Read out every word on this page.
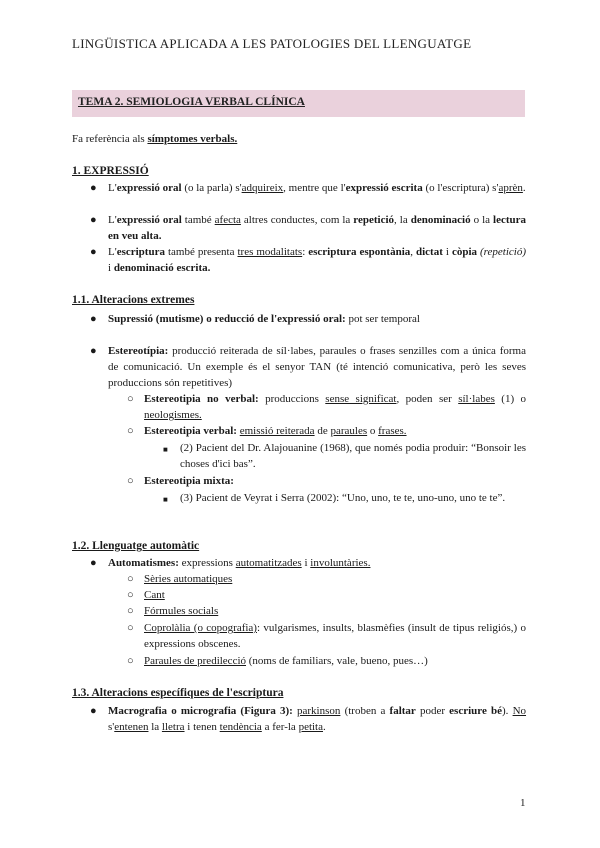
LINGÜISTICA APLICADA A LES PATOLOGIES DEL LLENGUATGE
TEMA 2. SEMIOLOGIA VERBAL CLÍNICA
Fa referència als símptomes verbals.
1. EXPRESSIÓ
● L'expressió oral (o la parla) s'adquireix, mentre que l'expressió escrita (o l'escriptura) s'aprèn.
● L'expressió oral també afecta altres conductes, com la repetició, la denominació o la lectura en veu alta.
● L'escriptura també presenta tres modalitats: escriptura espontània, dictat i còpia (repetició) i denominació escrita.
1.1. Alteracions extremes
● Supressió (mutisme) o reducció de l'expressió oral: pot ser temporal
● Estereotípia: producció reiterada de síl·labes, paraules o frases senzilles com a única forma de comunicació. Un exemple és el senyor TAN (té intenció comunicativa, però les seves produccions són repetitives)
○ Estereotipia no verbal: produccions sense significat, poden ser síl·labes (1) o neologismes.
○ Estereotipia verbal: emissió reiterada de paraules o frases.
■ (2) Pacient del Dr. Alajouanine (1968), que només podia produir: “Bonsoir les choses d'ici bas”.
○ Estereotipia mixta:
■ (3) Pacient de Veyrat i Serra (2002): “Uno, uno, te te, uno-uno, uno te te”.
1.2. Llenguatge automàtic
● Automatismes: expressions automatitzades i involuntàries.
○ Sèries automatiques
○ Cant
○ Fórmules socials
○ Coprolàlia (o copografia): vulgarismes, insults, blasmèfies (insult de tipus religiós,) o expressions obscenes.
○ Paraules de predilecció (noms de familiars, vale, bueno, pues…)
1.3. Alteracions específiques de l'escriptura
● Macrografia o micrografia (Figura 3): parkinson (troben a faltar poder escriure bé). No s'entenen la lletra i tenen tendència a fer-la petita.
1
